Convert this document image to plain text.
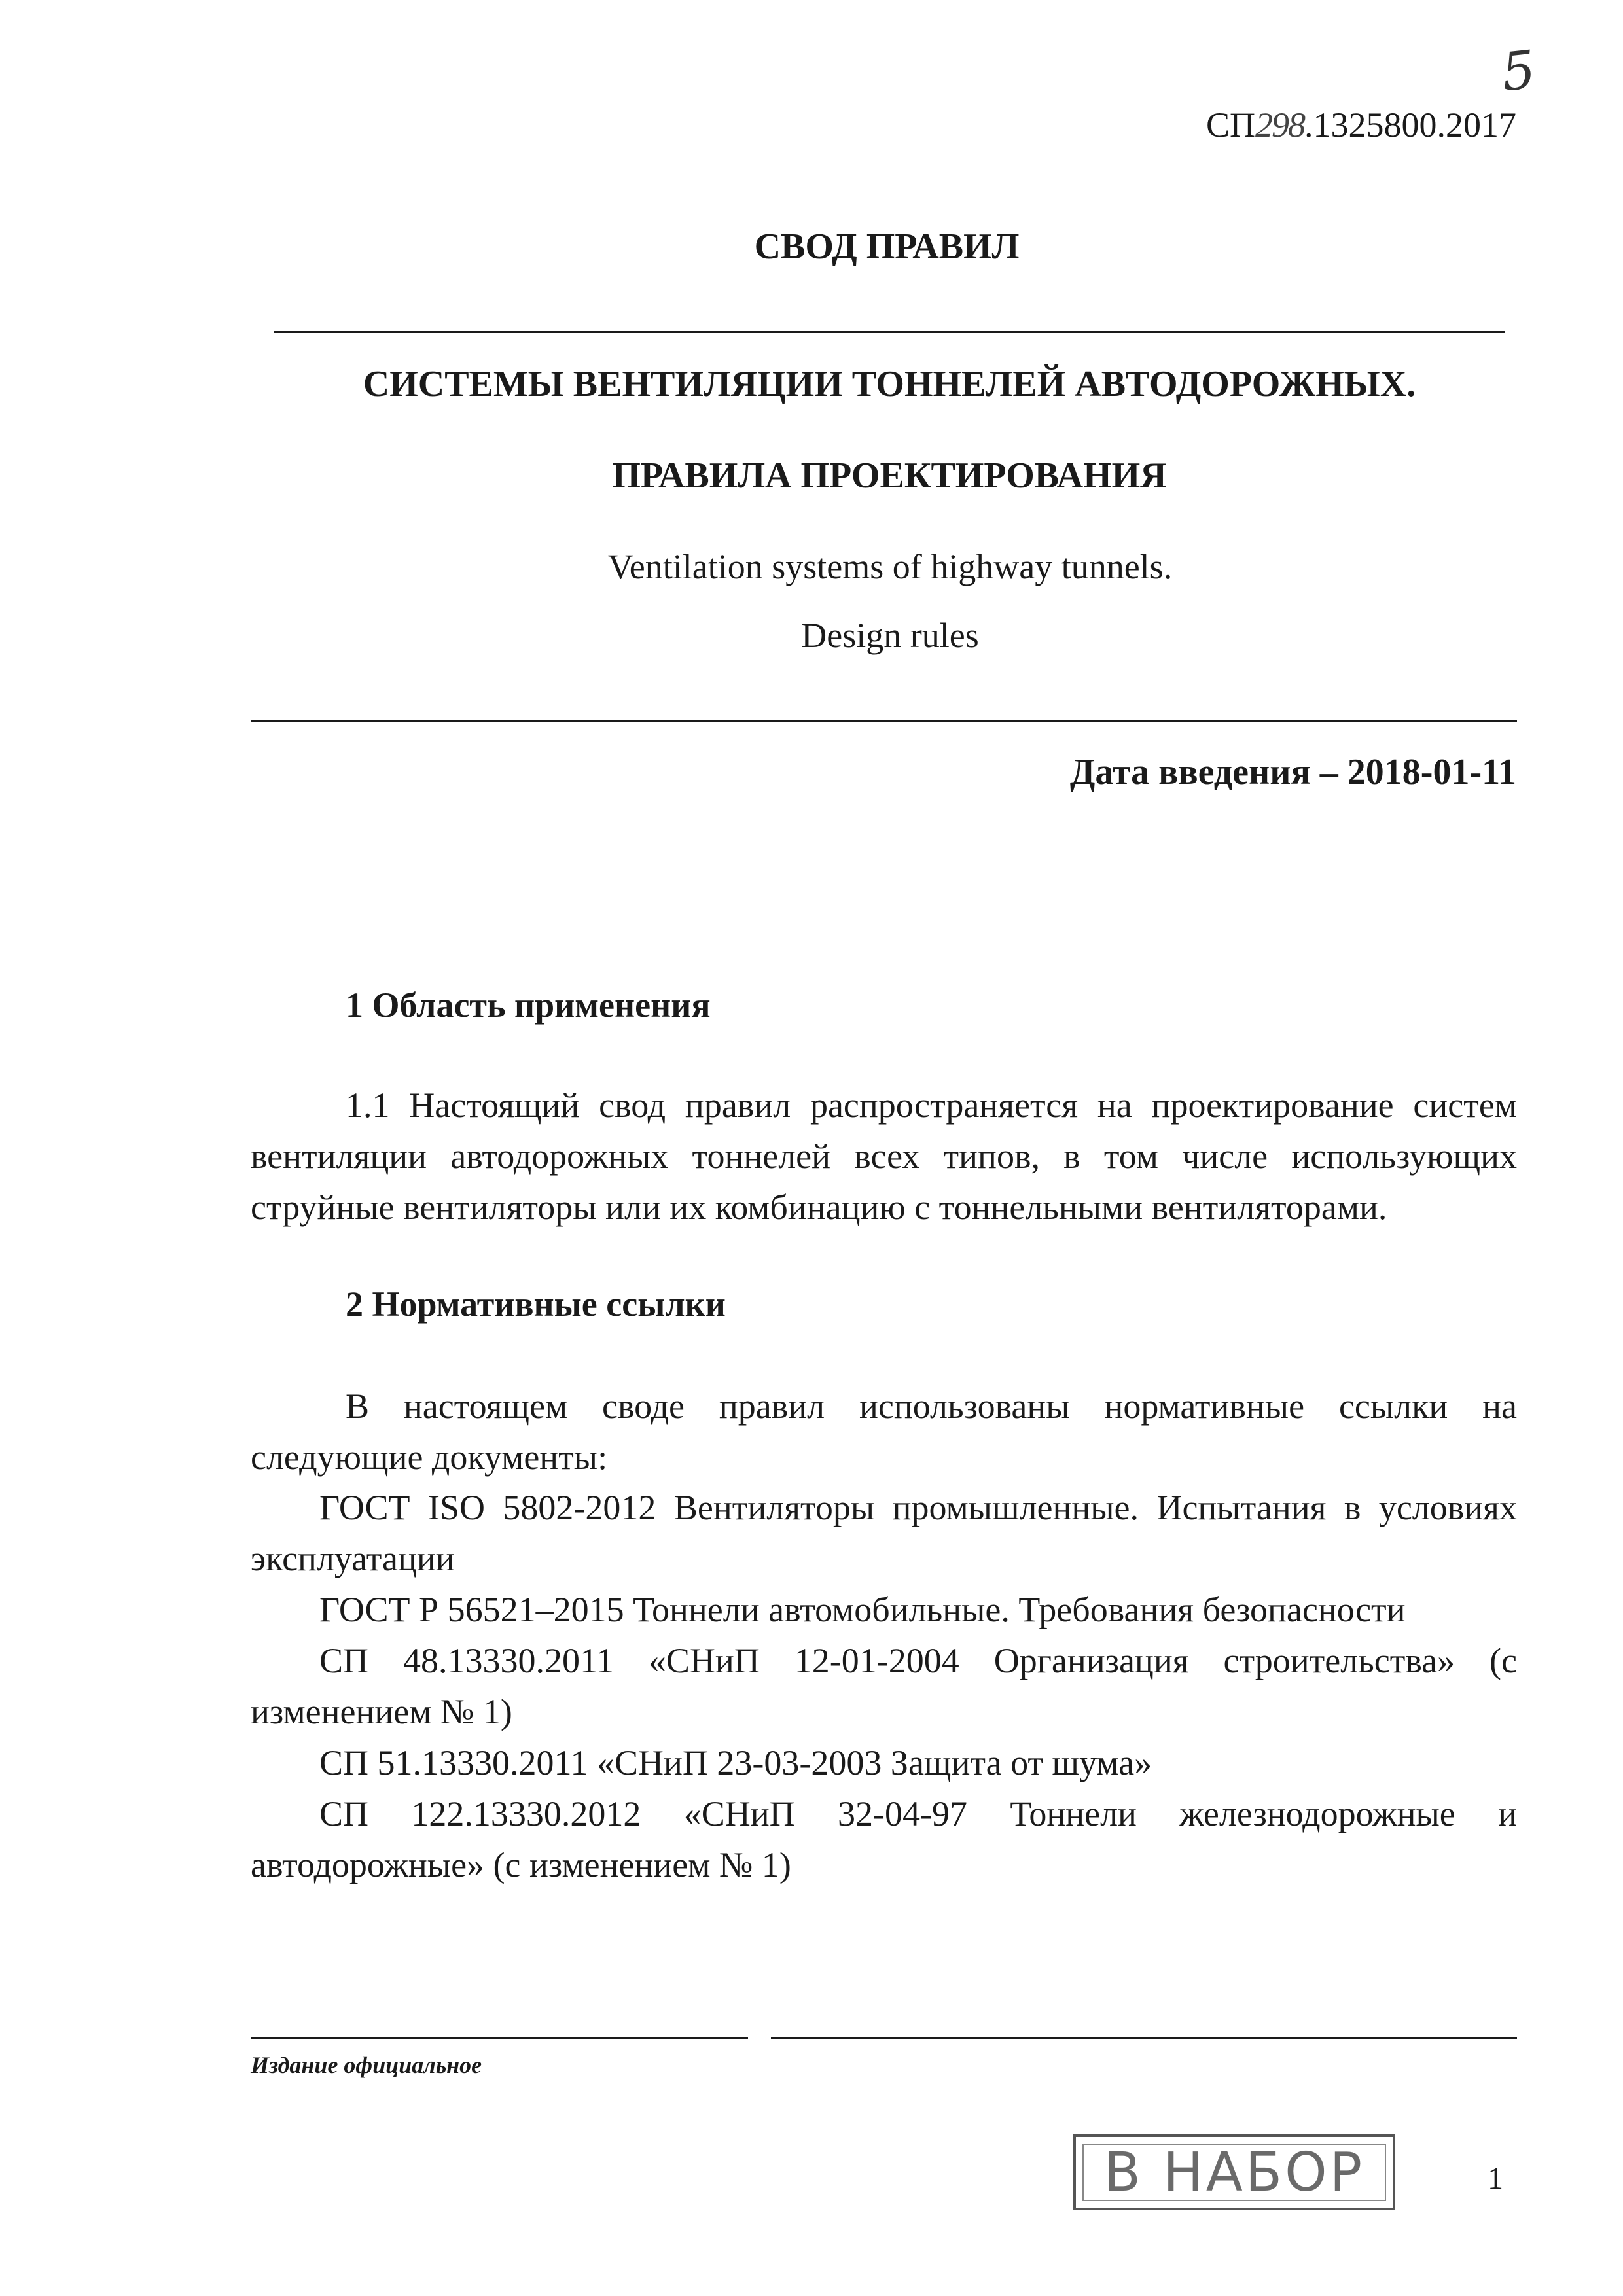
5
СП298.1325800.2017
СВОД ПРАВИЛ
СИСТЕМЫ ВЕНТИЛЯЦИИ ТОННЕЛЕЙ АВТОДОРОЖНЫХ.
ПРАВИЛА ПРОЕКТИРОВАНИЯ
Ventilation systems of highway tunnels.
Design rules
Дата введения – 2018-01-11
1 Область применения
1.1 Настоящий свод правил распространяется на проектирование систем вентиляции автодорожных тоннелей всех типов, в том числе использующих струйные вентиляторы или их комбинацию с тоннельными вентиляторами.
2 Нормативные ссылки
В настоящем своде правил использованы нормативные ссылки на следующие документы:
ГОСТ ISO 5802-2012 Вентиляторы промышленные. Испытания в условиях эксплуатации
ГОСТ Р 56521–2015 Тоннели автомобильные. Требования безопасности
СП 48.13330.2011 «СНиП 12-01-2004 Организация строительства» (с изменением № 1)
СП 51.13330.2011 «СНиП 23-03-2003 Защита от шума»
СП 122.13330.2012 «СНиП 32-04-97 Тоннели железнодорожные и автодорожные» (с изменением № 1)
Издание официальное
В НАБОР	1
